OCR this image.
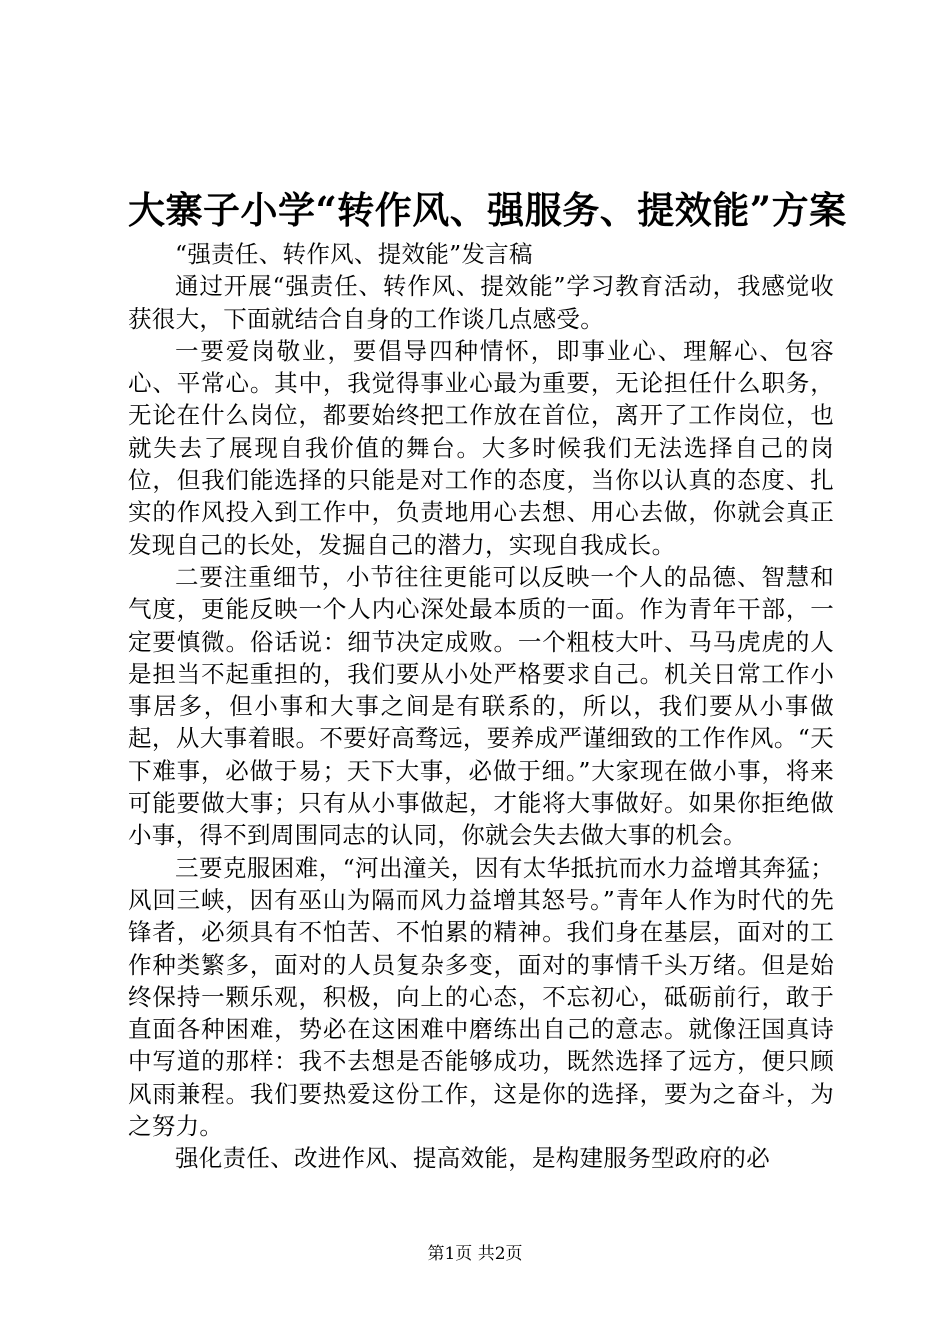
大寨子小学“转作风、强服务、提效能”方案

“强责任、转作风、提效能”发言稿

通过开展“强责任、转作风、提效能”学习教育活动，我感觉收获很大，下面就结合自身的工作谈几点感受。

一要爱岗敬业，要倡导四种情怀，即事业心、理解心、包容心、平常心。其中，我觉得事业心最为重要，无论担任什么职务，无论在什么岗位，都要始终把工作放在首位，离开了工作岗位，也就失去了展现自我价值的舞台。大多时候我们无法选择自己的岗位，但我们能选择的只能是对工作的态度，当你以认真的态度、扎实的作风投入到工作中，负责地用心去想、用心去做，你就会真正发现自己的长处，发掘自己的潜力，实现自我成长。

二要注重细节，小节往往更能可以反映一个人的品德、智慧和气度，更能反映一个人内心深处最本质的一面。作为青年干部，一定要慎微。俗话说：细节决定成败。一个粗枝大叶、马马虎虎的人是担当不起重担的，我们要从小处严格要求自己。机关日常工作小事居多，但小事和大事之间是有联系的，所以，我们要从小事做起，从大事着眼。不要好高骛远，要养成严谨细致的工作作风。“天下难事，必做于易；天下大事，必做于细。”大家现在做小事，将来可能要做大事；只有从小事做起，才能将大事做好。如果你拒绝做小事，得不到周围同志的认同，你就会失去做大事的机会。

三要克服困难，“河出潼关，因有太华抵抗而水力益增其奔猛；风回三峡，因有巫山为隔而风力益增其怒号。”青年人作为时代的先锋者，必须具有不怕苦、不怕累的精神。我们身在基层，面对的工作种类繁多，面对的人员复杂多变，面对的事情千头万绪。但是始终保持一颗乐观，积极，向上的心态，不忘初心，砥砺前行，敢于直面各种困难，势必在这困难中磨练出自己的意志。就像汪国真诗中写道的那样：我不去想是否能够成功，既然选择了远方，便只顾风雨兼程。我们要热爱这份工作，这是你的选择，要为之奋斗，为之努力。

强化责任、改进作风、提高效能，是构建服务型政府的必

第1页 共2页
